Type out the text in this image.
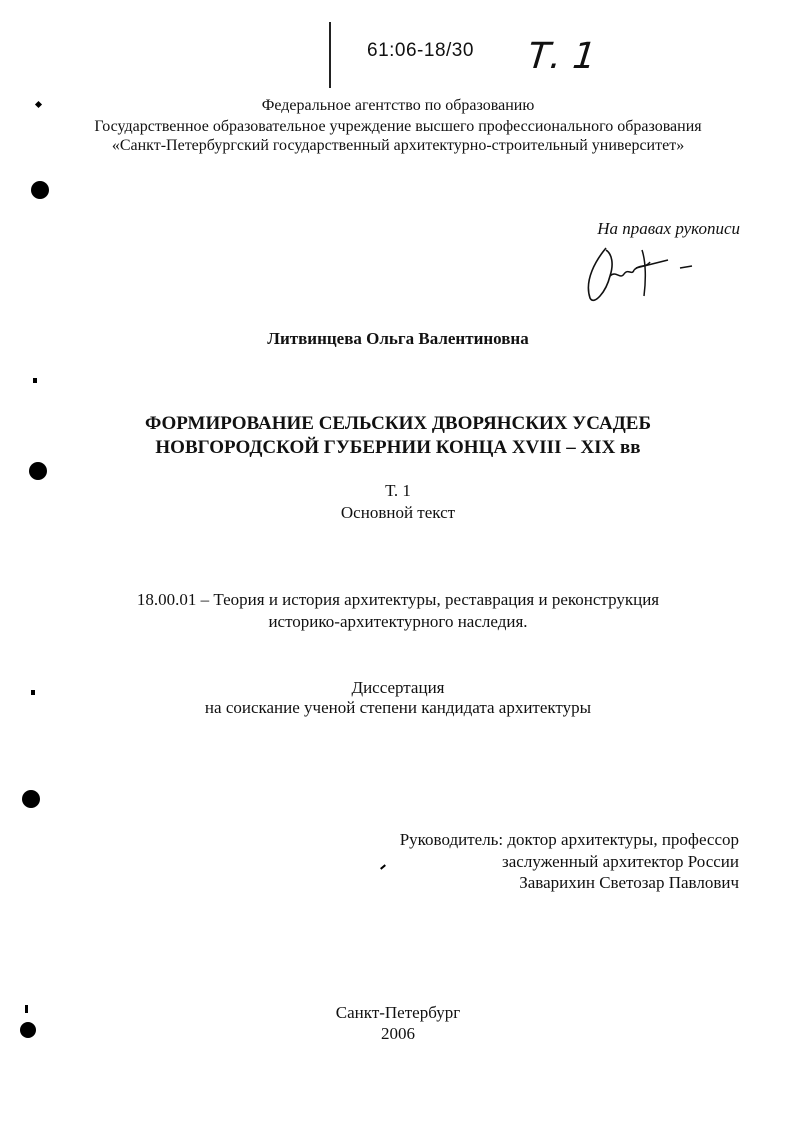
61:06-18/30 Т. 1
Федеральное агентство по образованию
Государственное образовательное учреждение высшего профессионального образования
«Санкт-Петербургский государственный архитектурно-строительный университет»
На правах рукописи
Литвинцева Ольга Валентиновна
ФОРМИРОВАНИЕ СЕЛЬСКИХ ДВОРЯНСКИХ УСАДЕБ
НОВГОРОДСКОЙ ГУБЕРНИИ КОНЦА XVIII – XIX вв
Т. 1
Основной текст
18.00.01 – Теория и история архитектуры, реставрация и реконструкция
историко-архитектурного наследия.
Диссертация
на соискание ученой степени кандидата архитектуры
Руководитель: доктор архитектуры, профессор
заслуженный архитектор России
Заварихин Светозар Павлович
Санкт-Петербург
2006
